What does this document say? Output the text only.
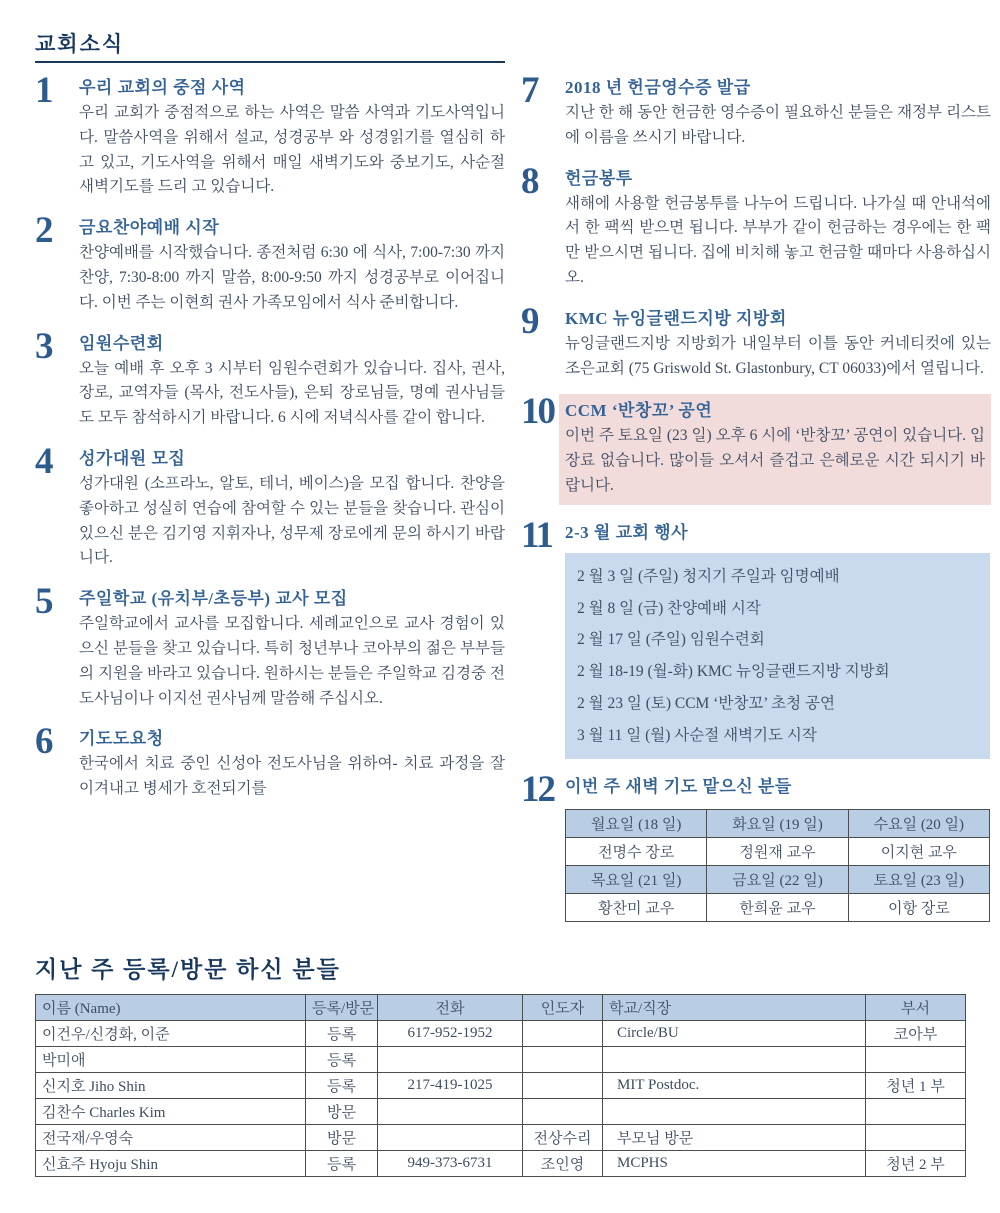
교회소식
1	우리 교회의 중점 사역
우리 교회가 중점적으로 하는 사역은 말씀 사역과 기도사역입니다. 말씀사역을 위해서 설교, 성경공부 와 성경읽기를 열심히 하고 있고, 기도사역을 위해서 매일 새벽기도와 중보기도, 사순절 새벽기도를 드리 고 있습니다.
2	금요찬야예배 시작
찬양예배를 시작했습니다. 종전처럼 6:30 에 식사, 7:00-7:30 까지 찬양, 7:30-8:00 까지 말씀, 8:00-9:50 까지 성경공부로 이어집니다. 이번 주는 이현희 권사 가족모임에서 식사 준비합니다.
3	임원수련회
오늘 예배 후 오후 3 시부터 임원수련회가 있습니다. 집사, 권사, 장로, 교역자들 (목사, 전도사들), 은퇴 장로님들, 명예 권사님들도 모두 참석하시기 바랍니다. 6 시에 저녁식사를 같이 합니다.
4	성가대원 모집
성가대원 (소프라노, 알토, 테너, 베이스)을 모집 합니다. 찬양을 좋아하고 성실히 연습에 참여할 수 있는 분들을 찾습니다. 관심이 있으신 분은 김기영 지휘자나, 성무제 장로에게 문의 하시기 바랍니다.
5	주일학교 (유치부/초등부) 교사 모집
주일학교에서 교사를 모집합니다. 세례교인으로 교사 경험이 있으신 분들을 찾고 있습니다. 특히 청년부나 코아부의 젊은 부부들의 지원을 바라고 있습니다. 원하시는 분들은 주일학교 김경중 전도사님이나 이지선 권사님께 말씀해 주십시오.
6	기도도요청
한국에서 치료 중인 신성아 전도사님을 위하여- 치료 과정을 잘 이겨내고 병세가 호전되기를
7	2018 년 헌금영수증 발급
지난 한 해 동안 헌금한 영수증이 필요하신 분들은 재정부 리스트에 이름을 쓰시기 바랍니다.
8	헌금봉투
새해에 사용할 헌금봉투를 나누어 드립니다. 나가실 때 안내석에서 한 팩씩 받으면 됩니다. 부부가 같이 헌금하는 경우에는 한 팩만 받으시면 됩니다. 집에 비치해 놓고 헌금할 때마다 사용하십시오.
9	KMC 뉴잉글랜드지방 지방회
뉴잉글랜드지방 지방회가 내일부터 이틀 동안 커네티컷에 있는 조은교회 (75 Griswold St. Glastonbury, CT 06033)에서 열립니다.
10 CCM ‘반창꼬’ 공연
이번 주 토요일 (23 일) 오후 6 시에 ‘반창꼬’ 공연이 있습니다. 입장료 없습니다. 많이들 오셔서 즐겁고 은혜로운 시간 되시기 바랍니다.
11 2-3 월 교회 행사
2 월 3 일 (주일) 청지기 주일과 임명예배
2 월 8 일 (금) 찬양예배 시작
2 월 17 일 (주일) 임원수련회
2 월 18-19 (월-화) KMC 뉴잉글랜드지방 지방회
2 월 23 일 (토) CCM ‘반창꼬’ 초청 공연
3 월 11 일 (월) 사순절 새벽기도 시작
12 이번 주 새벽 기도 맡으신 분들
월요일 (18 일)	화요일 (19 일)	수요일 (20 일)
전명수 장로	정원재 교우	이지현 교우
목요일 (21 일)	금요일 (22 일)	토요일 (23 일)
황찬미 교우	한희윤 교우	이항 장로
지난 주 등록/방문 하신 분들
이름 (Name)	등록/방문	전화	인도자	학교/직장	부서
이건우/신경화, 이준	등록	617-952-1952		Circle/BU	코아부
박미애	등록				
신지호 Jiho Shin	등록	217-419-1025		MIT Postdoc.	청년 1 부
김찬수 Charles Kim	방문				
전국재/우영숙	방문		전상수리	부모님 방문	
신효주 Hyoju Shin	등록	949-373-6731	조인영	MCPHS	청년 2 부
